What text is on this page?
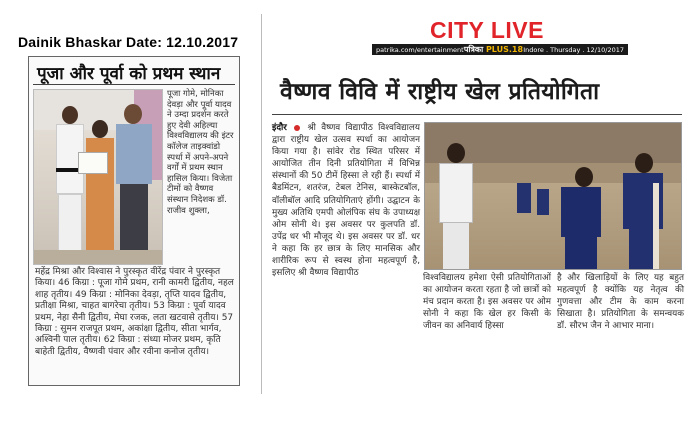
Dainik Bhaskar Date: 12.10.2017
पूजा और पूर्वा को प्रथम स्थान
पूजा गोमे, मोनिका देवड़ा और पूर्वा यादव ने उम्दा प्रदर्शन करते हुए देवी अहिल्या विश्वविद्यालय की इंटर कॉलेज ताइक्वांडो स्पर्धा में अपने-अपने वर्गों में प्रथम स्थान हासिल किया। विजेता टीमों को वैष्णव संस्थान निदेशक डॉ. राजीव शुक्ला,
महेंद्र मिश्रा और विश्वास ने पुरस्कृत वीरेंद्र पंवार ने पुरस्कृत किया। 46 किग्रा : पूजा गोमे प्रथम, रानी कामरी द्वितीय, नहल शाह तृतीय। 49 किग्रा : मोनिका देवड़ा, तृप्ति यादव द्वितीय, प्रतीक्षा मिश्रा, चाहत बागरेचा तृतीय। 53 किग्रा : पूर्वा यादव प्रथम, नेहा सैनी द्वितीय, मेघा रजक, लता खटवासे तृतीय। 57 किग्रा : सुमन राजपूत प्रथम, अकांक्षा द्वितीय, सीता भार्गव, अश्विनी पाल तृतीय। 62 किग्रा : संध्या मोजर प्रथम, कृति बाहेती द्वितीय, वैष्णवी पंवार और रवीना कनोज तृतीय।
CITY LIVE
patrika.com/entertainment पत्रिका PLUS.18 Indore . Thursday . 12/10/2017
वैष्णव विवि में राष्ट्रीय खेल प्रतियोगिता
इंदौर श्री वैष्णव विद्यापीठ विश्वविद्यालय द्वारा राष्ट्रीय खेल उत्सव स्पर्धा का आयोजन किया गया है। सांवेर रोड स्थित परिसर में आयोजित तीन दिनी प्रतियोगिता में विभिन्न संस्थानों की 50 टीमें हिस्सा ले रही हैं। स्पर्धा में बैडमिंटन, शतरंज, टेबल टेनिस, बास्केटबॉल, वॉलीबॉल आदि प्रतियोगिताएं होंगी। उद्घाटन के मुख्य अतिथि एमपी ओलंपिक संघ के उपाध्यक्ष ओम सोनी थे। इस अवसर पर कुलपति डॉ. उपेंद्र धर भी मौजूद थे। इस अवसर पर डॉ. धर ने कहा कि हर छात्र के लिए मानसिक और शारीरिक रूप से स्वस्थ होना महत्वपूर्ण है, इसलिए श्री वैष्णव विद्यापीठ	विश्वविद्यालय हमेशा ऐसी प्रतियोगिताओं का आयोजन करता रहता है जो छात्रों को मंच प्रदान करता है। इस अवसर पर ओम सोनी ने कहा कि खेल हर किसी के जीवन का अनिवार्य हिस्सा
है और खिलाड़ियों के लिए यह बहुत महत्वपूर्ण है क्योंकि यह नेतृत्व की गुणवत्ता और टीम के काम करना सिखाता है। प्रतियोगिता के समन्वयक डॉ. सौरभ जैन ने आभार माना।
